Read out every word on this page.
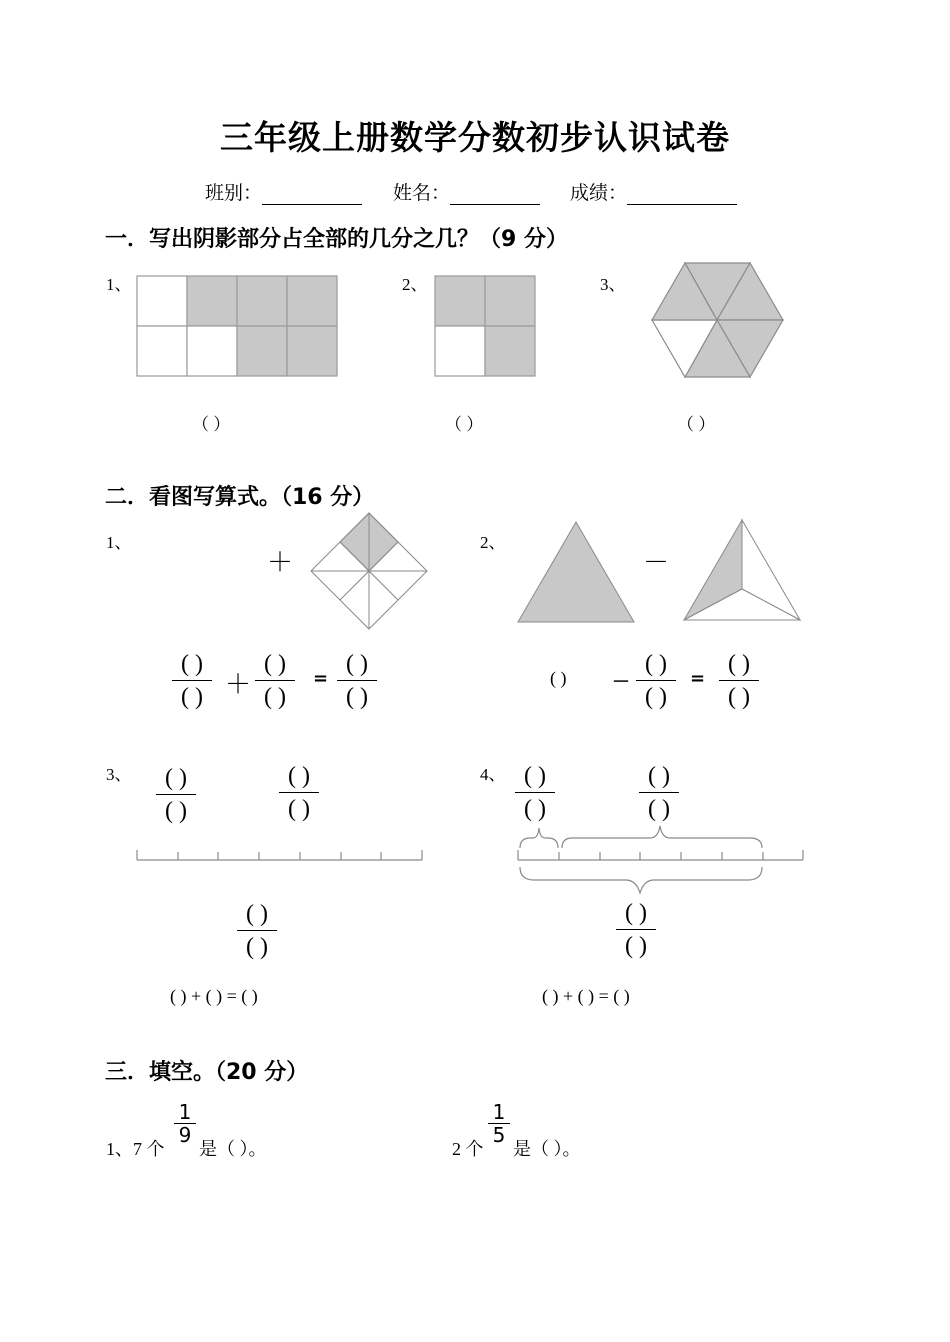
三年级上册数学分数初步认识试卷
班别：	姓名：	成绩：
一．写出阴影部分占全部的几分之几？（9 分）
1、	2、	3、
（ ）	（ ）	（ ）
二．看图写算式。（16 分）
1、
＋
2、
－
( )
( ) ＋
( )
( )
=
( )
( )
( )	－
( )
( )
=
( )
( )
3、	( )
( )
( )
( )
( )
( )
( ) + ( ) = ( )
4、 ( )
( )
( )
( )
( )
( )
( ) + ( ) = ( )
三．填空。（20 分）
1、7 个
$\frac{1}{9}$
是（ ）。	2 个
$\frac{1}{5}$
是（ ）。
